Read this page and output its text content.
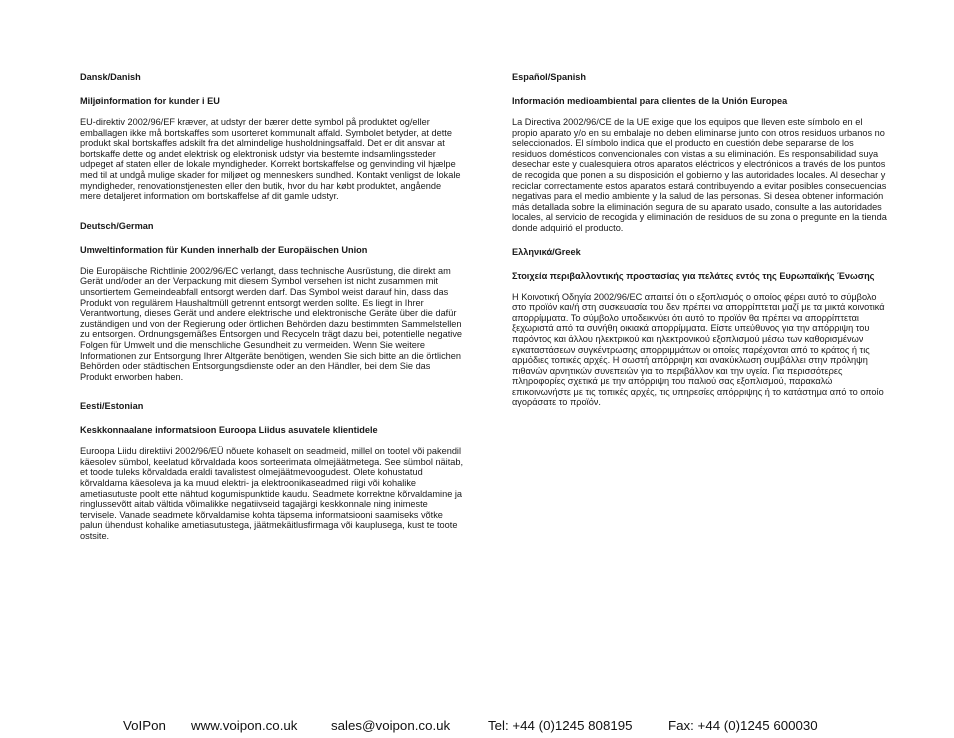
Dansk/Danish

Miljøinformation for kunder i EU

EU-direktiv 2002/96/EF kræver, at udstyr der bærer dette symbol på produktet og/eller emballagen ikke må bortskaffes som usorteret kommunalt affald. Symbolet betyder, at dette produkt skal bortskaffes adskilt fra det almindelige husholdningsaffald. Det er dit ansvar at bortskaffe dette og andet elektrisk og elektronisk udstyr via bestemte indsamlingssteder udpeget af staten eller de lokale myndigheder. Korrekt bortskaffelse og genvinding vil hjælpe med til at undgå mulige skader for miljøet og menneskers sundhed. Kontakt venligst de lokale myndigheder, renovationstjenesten eller den butik, hvor du har købt produktet, angående mere detaljeret information om bortskaffelse af dit gamle udstyr.

Deutsch/German

Umweltinformation für Kunden innerhalb der Europäischen Union

Die Europäische Richtlinie 2002/96/EC verlangt, dass technische Ausrüstung, die direkt am Gerät und/oder an der Verpackung mit diesem Symbol versehen ist nicht zusammen mit unsortiertem Gemeindeabfall entsorgt werden darf. Das Symbol weist darauf hin, dass das Produkt von regulärem Haushaltmüll getrennt entsorgt werden sollte. Es liegt in Ihrer Verantwortung, dieses Gerät und andere elektrische und elektronische Geräte über die dafür zuständigen und von der Regierung oder örtlichen Behörden dazu bestimmten Sammelstellen zu entsorgen. Ordnungsgemäßes Entsorgen und Recyceln trägt dazu bei, potentielle negative Folgen für Umwelt und die menschliche Gesundheit zu vermeiden. Wenn Sie weitere Informationen zur Entsorgung Ihrer Altgeräte benötigen, wenden Sie sich bitte an die örtlichen Behörden oder städtischen Entsorgungsdienste oder an den Händler, bei dem Sie das Produkt erworben haben.

Eesti/Estonian

Keskkonnaalane informatsioon Euroopa Liidus asuvatele klientidele

Euroopa Liidu direktiivi 2002/96/EÜ nõuete kohaselt on seadmeid, millel on tootel või pakendil käesolev sümbol, keelatud kõrvaldada koos sorteerimata olmejäätmetega. See sümbol näitab, et toode tuleks kõrvaldada eraldi tavalistest olmejäätmevoogudest. Olete kohustatud kõrvaldama käesoleva ja ka muud elektri- ja elektroonikaseadmed riigi või kohalike ametiasutuste poolt ette nähtud kogumispunktide kaudu. Seadmete korrektne kõrvaldamine ja ringlussevõtt aitab vältida võimalikke negatiivseid tagajärgi keskkonnale ning inimeste tervisele. Vanade seadmete kõrvaldamise kohta täpsema informatsiooni saamiseks võtke palun ühendust kohalike ametiasutustega, jäätmekäitlusfirmaga või kauplusega, kust te toote ostsite.

Español/Spanish

Información medioambiental para clientes de la Unión Europea

La Directiva 2002/96/CE de la UE exige que los equipos que lleven este símbolo en el propio aparato y/o en su embalaje no deben eliminarse junto con otros residuos urbanos no seleccionados. El símbolo indica que el producto en cuestión debe separarse de los residuos domésticos convencionales con vistas a su eliminación. Es responsabilidad suya desechar este y cualesquiera otros aparatos eléctricos y electrónicos a través de los puntos de recogida que ponen a su disposición el gobierno y las autoridades locales. Al desechar y reciclar correctamente estos aparatos estará contribuyendo a evitar posibles consecuencias negativas para el medio ambiente y la salud de las personas. Si desea obtener información más detallada sobre la eliminación segura de su aparato usado, consulte a las autoridades locales, al servicio de recogida y eliminación de residuos de su zona o pregunte en la tienda donde adquirió el producto.

Ελληνικά/Greek

Στοιχεία περιβαλλοντικής προστασίας για πελάτες εντός της Ευρωπαϊκής Ένωσης

Η Κοινοτική Οδηγία 2002/96/EC απαιτεί ότι ο εξοπλισμός ο οποίος φέρει αυτό το σύμβολο στο προϊόν και/ή στη συσκευασία του δεν πρέπει να απορρίπτεται μαζί με τα μικτά κοινοτικά απορρίμματα. Το σύμβολο υποδεικνύει ότι αυτό το προϊόν θα πρέπει να απορρίπτεται ξεχωριστά από τα συνήθη οικιακά απορρίμματα. Είστε υπεύθυνος για την απόρριψη του παρόντος και άλλου ηλεκτρικού και ηλεκτρονικού εξοπλισμού μέσω των καθορισμένων εγκαταστάσεων συγκέντρωσης απορριμμάτων οι οποίες παρέχονται από το κράτος ή τις αρμόδιες τοπικές αρχές. Η σωστή απόρριψη και ανακύκλωση συμβάλλει στην πρόληψη πιθανών αρνητικών συνεπειών για το περιβάλλον και την υγεία. Για περισσότερες πληροφορίες σχετικά με την απόρριψη του παλιού σας εξοπλισμού, παρακαλώ επικοινωνήστε με τις τοπικές αρχές, τις υπηρεσίες απόρριψης ή το κατάστημα από το οποίο αγοράσατε το προϊόν.

VoIPon www.voipon.co.uk	sales@voipon.co.uk	Tel: +44 (0)1245 808195	Fax: +44 (0)1245 600030
